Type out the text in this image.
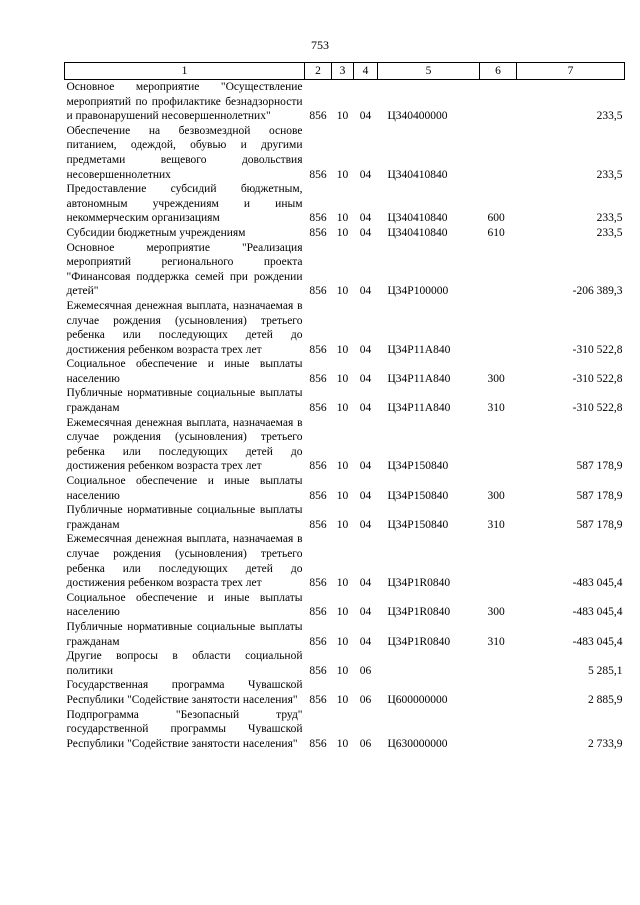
753
1	2	3	4	5	6	7
Основное мероприятие "Осуществление мероприятий по профилактике безнадзорности и правонарушений несовершеннолетних"	856	10	04	Ц340400000		233,5
Обеспечение на безвозмездной основе питанием, одеждой, обувью и другими предметами вещевого довольствия несовершеннолетних	856	10	04	Ц340410840		233,5
Предоставление субсидий бюджетным, автономным учреждениям и иным некоммерческим организациям	856	10	04	Ц340410840	600	233,5
Субсидии бюджетным учреждениям	856	10	04	Ц340410840	610	233,5
Основное мероприятие "Реализация мероприятий регионального проекта "Финансовая поддержка семей при рождении детей"	856	10	04	Ц34P100000		-206 389,3
Ежемесячная денежная выплата, назначаемая в случае рождения (усыновления) третьего ребенка или последующих детей до достижения ребенком возраста трех лет	856	10	04	Ц34P11A840		-310 522,8
Социальное обеспечение и иные выплаты населению	856	10	04	Ц34P11A840	300	-310 522,8
Публичные нормативные социальные выплаты гражданам	856	10	04	Ц34P11A840	310	-310 522,8
Ежемесячная денежная выплата, назначаемая в случае рождения (усыновления) третьего ребенка или последующих детей до достижения ребенком возраста трех лет	856	10	04	Ц34P150840		587 178,9
Социальное обеспечение и иные выплаты населению	856	10	04	Ц34P150840	300	587 178,9
Публичные нормативные социальные выплаты гражданам	856	10	04	Ц34P150840	310	587 178,9
Ежемесячная денежная выплата, назначаемая в случае рождения (усыновления) третьего ребенка или последующих детей до достижения ребенком возраста трех лет	856	10	04	Ц34P1R0840		-483 045,4
Социальное обеспечение и иные выплаты населению	856	10	04	Ц34P1R0840	300	-483 045,4
Публичные нормативные социальные выплаты гражданам	856	10	04	Ц34P1R0840	310	-483 045,4
Другие вопросы в области социальной политики	856	10	06			5 285,1
Государственная программа Чувашской Республики "Содействие занятости населения"	856	10	06	Ц600000000		2 885,9
Подпрограмма "Безопасный труд" государственной программы Чувашской Республики "Содействие занятости населения"	856	10	06	Ц630000000		2 733,9
